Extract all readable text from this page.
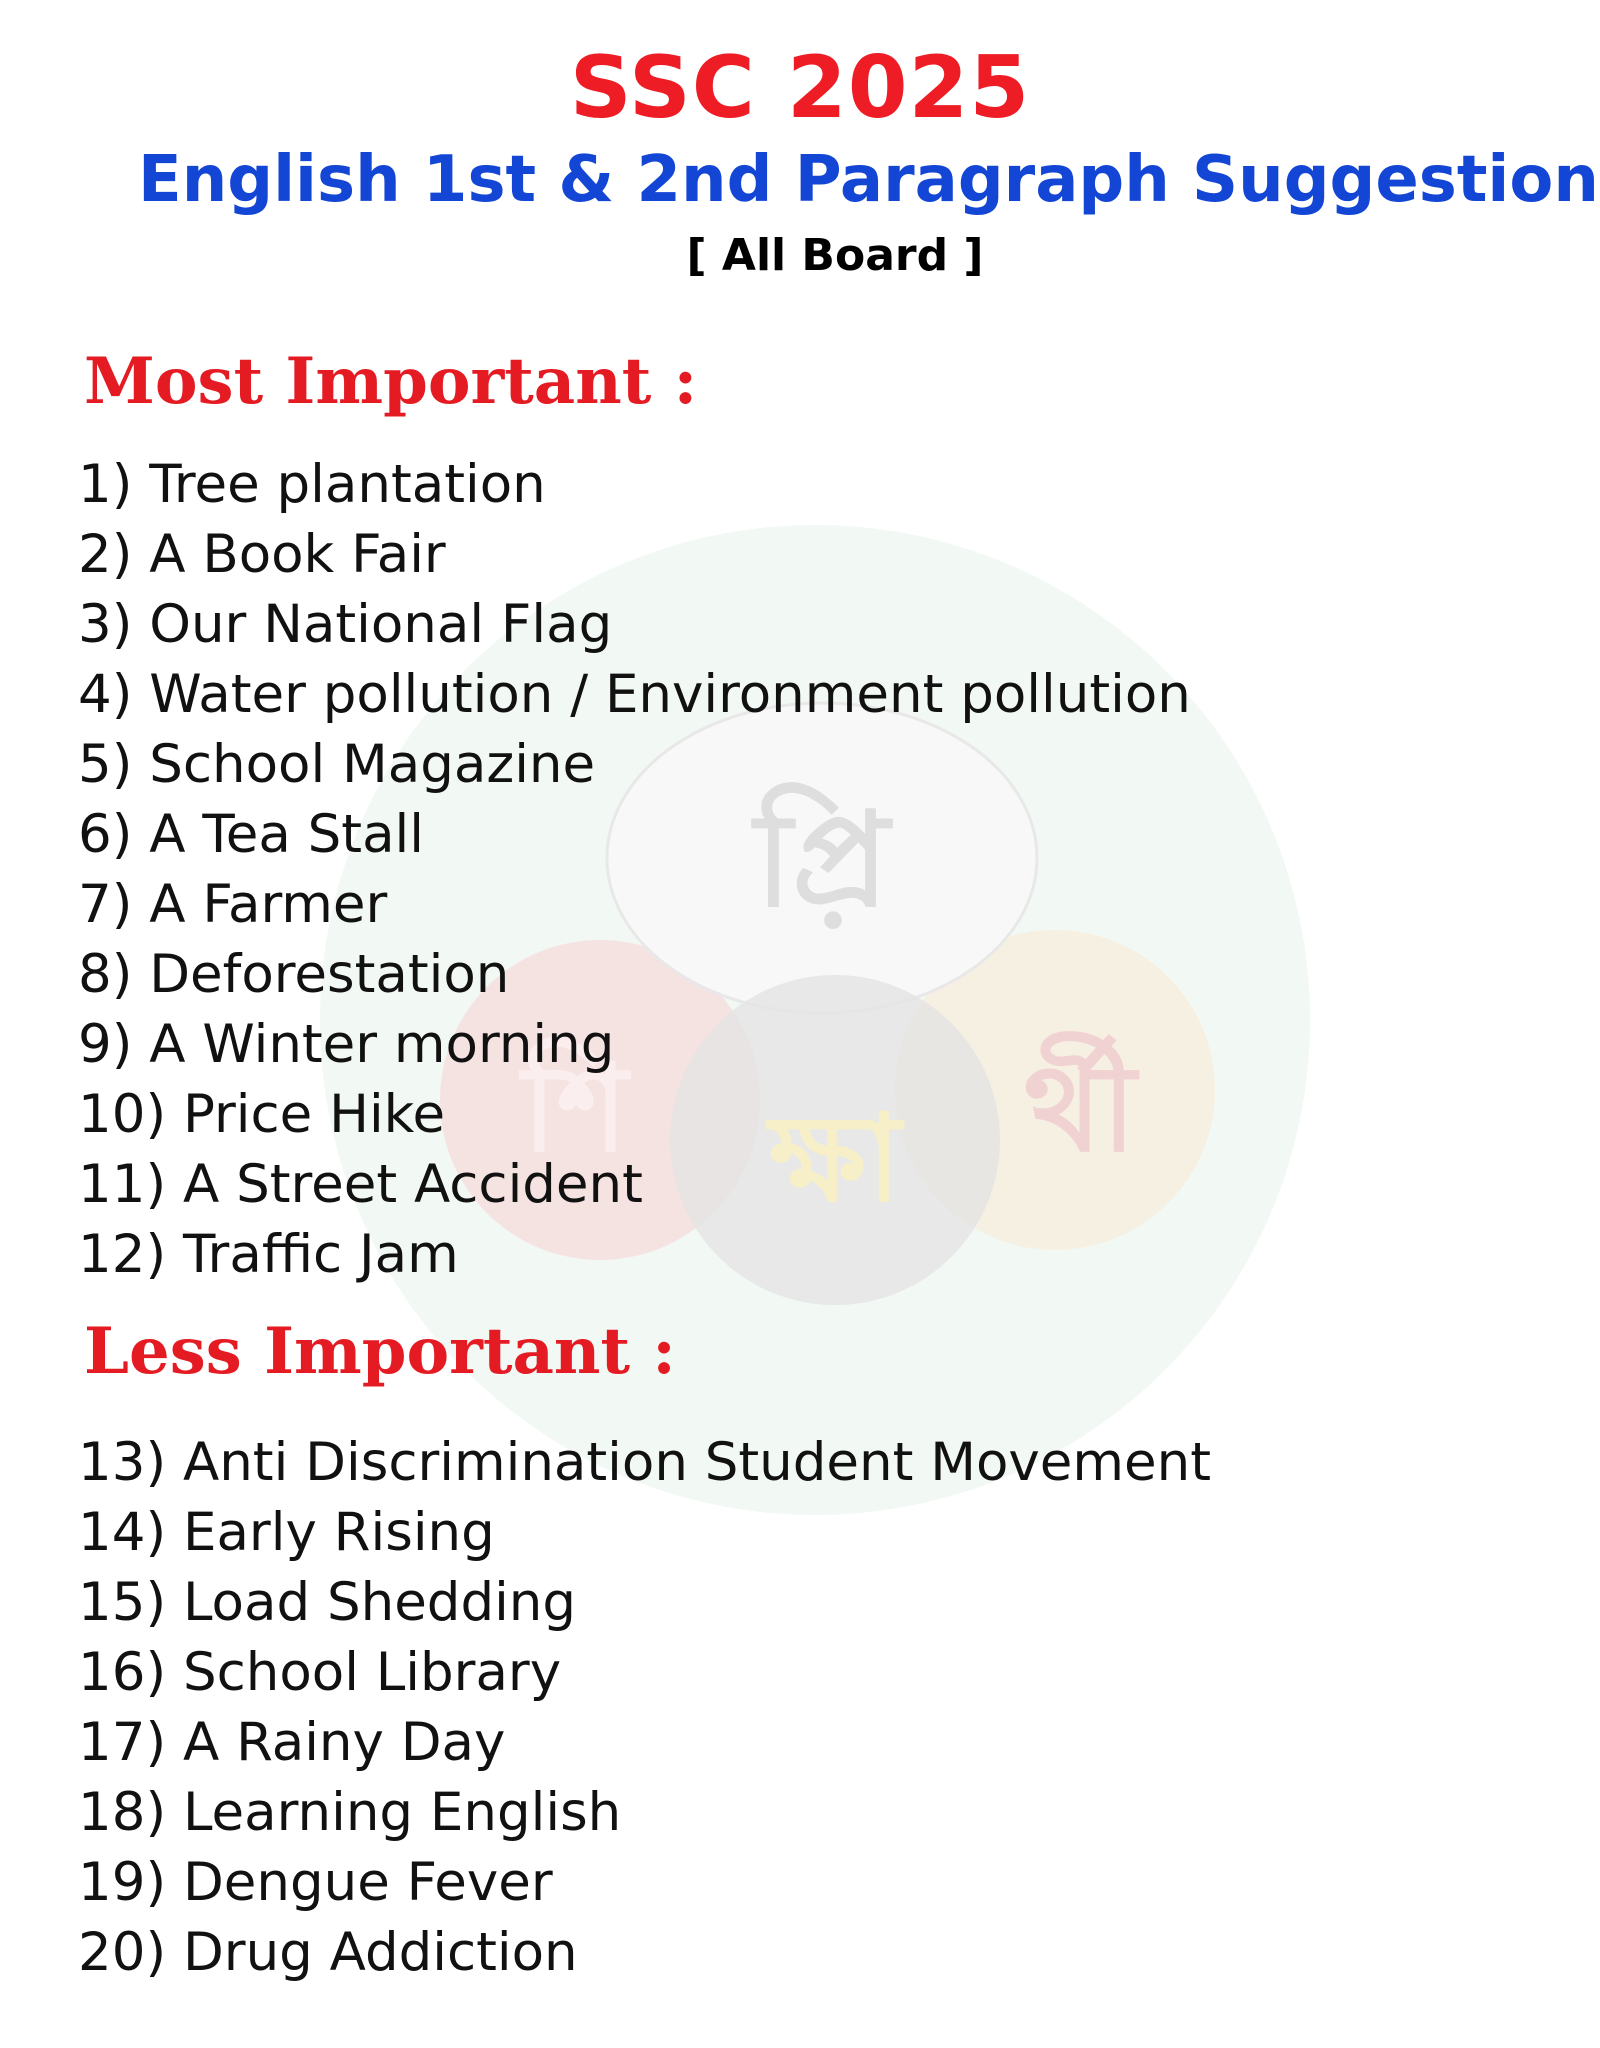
প্রি়
শি ক্ষা র্থী
SSC 2025
English 1st & 2nd Paragraph Suggestion
[ All Board ]
Most Important :
1) Tree plantation
2) A Book Fair
3) Our National Flag
4) Water pollution / Environment pollution
5) School Magazine
6) A Tea Stall
7) A Farmer
8) Deforestation
9) A Winter morning
10) Price Hike
11) A Street Accident
12) Traffic Jam
Less Important :
13) Anti Discrimination Student Movement
14) Early Rising
15) Load Shedding
16) School Library
17) A Rainy Day
18) Learning English
19) Dengue Fever
20) Drug Addiction
